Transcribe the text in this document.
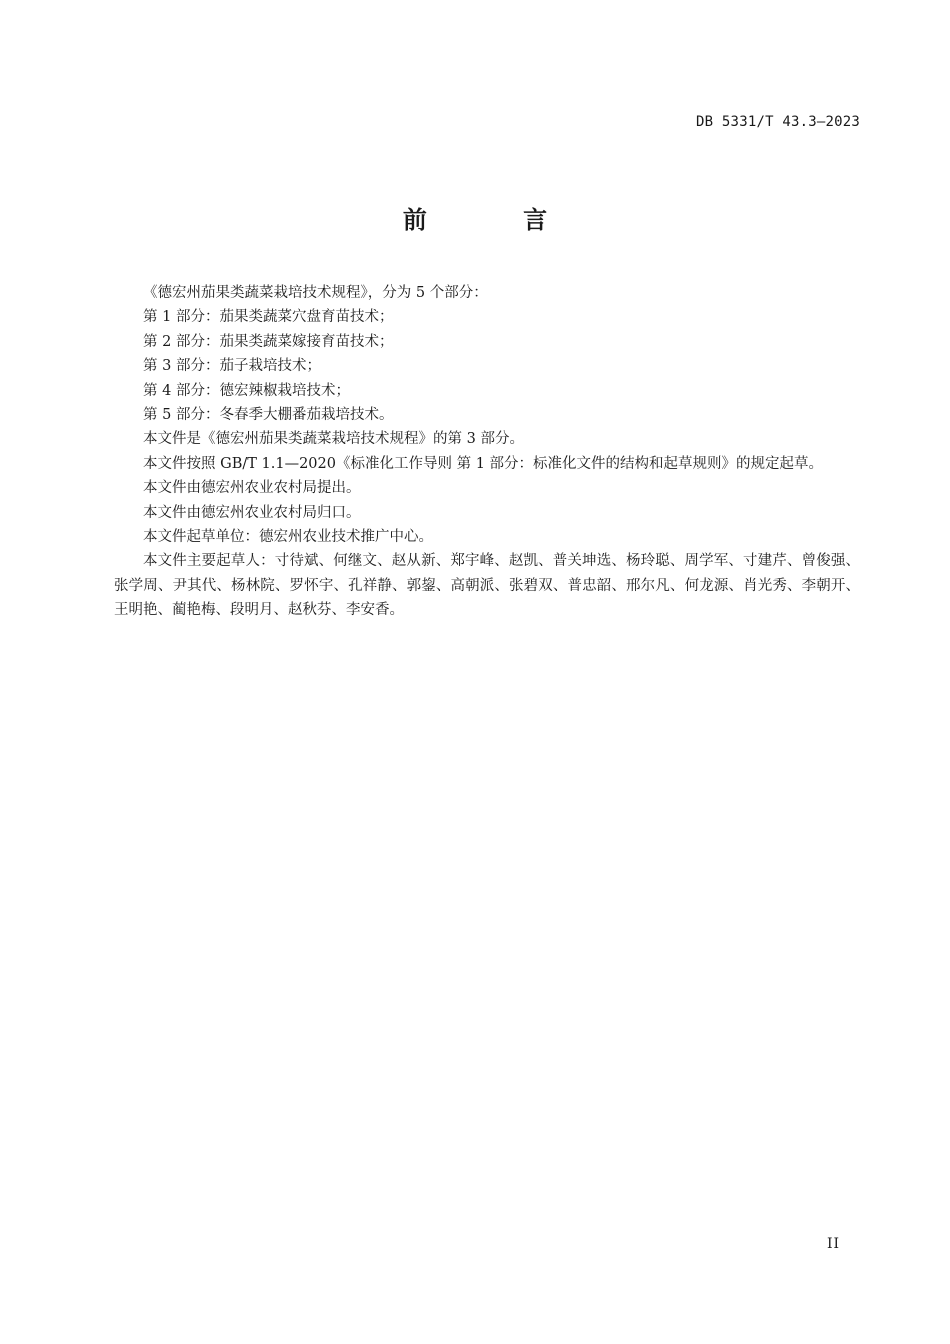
DB 5331/T 43.3—2023
前 言

《德宏州茄果类蔬菜栽培技术规程》，分为 5 个部分：

第 1 部分：茄果类蔬菜穴盘育苗技术；

第 2 部分：茄果类蔬菜嫁接育苗技术；

第 3 部分：茄子栽培技术；

第 4 部分：德宏辣椒栽培技术；

第 5 部分：冬春季大棚番茄栽培技术。

本文件是《德宏州茄果类蔬菜栽培技术规程》的第 3 部分。

本文件按照 GB/T 1.1—2020《标准化工作导则 第 1 部分：标准化文件的结构和起草规则》的规定起草。

本文件由德宏州农业农村局提出。

本文件由德宏州农业农村局归口。

本文件起草单位：德宏州农业技术推广中心。

本文件主要起草人：寸待斌、何继文、赵从新、郑宇峰、赵凯、普关坤选、杨玲聪、周学军、寸建芹、曾俊强、张学周、尹其代、杨林院、罗怀宇、孔祥静、郭鋆、高朝派、张碧双、普忠韶、邢尔凡、何龙源、肖光秀、李朝开、王明艳、蔺艳梅、段明月、赵秋芬、李安香。

II
